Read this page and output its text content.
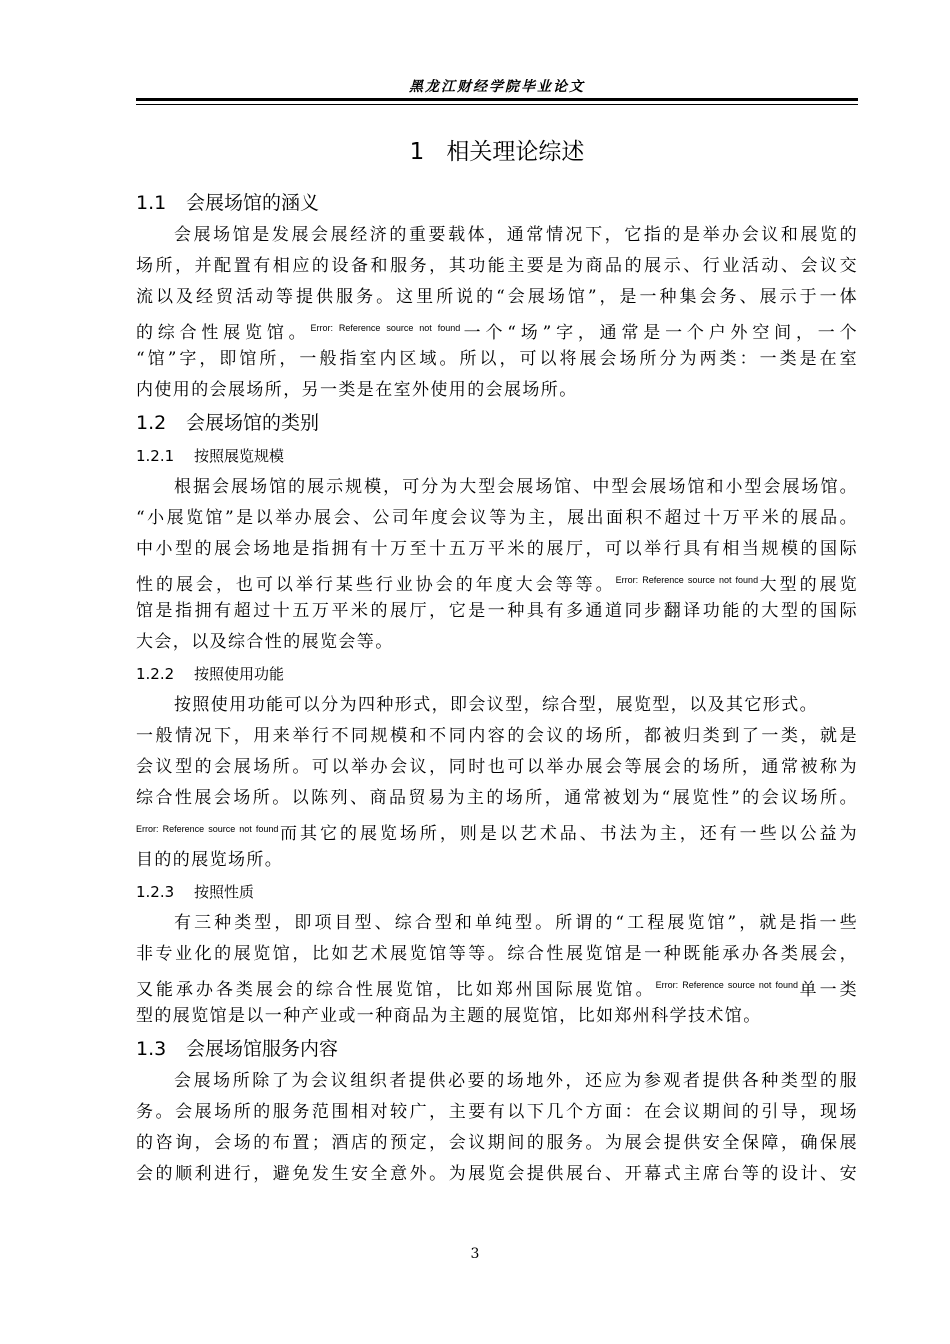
黑龙江财经学院毕业论文
1 相关理论综述
1.1 会展场馆的涵义
会展场馆是发展会展经济的重要载体，通常情况下，它指的是举办会议和展览的
场所，并配置有相应的设备和服务，其功能主要是为商品的展示、行业活动、会议交
流以及经贸活动等提供服务。这里所说的“会展场馆”，是一种集会务、展示于一体
的综合性展览馆。$^{Error: Reference source not found}$一个“场”字，通常是一个户外空间，一个
“馆”字，即馆所，一般指室内区域。所以，可以将展会场所分为两类：一类是在室
内使用的会展场所，另一类是在室外使用的会展场所。
1.2 会展场馆的类别
1.2.1 按照展览规模
根据会展场馆的展示规模，可分为大型会展场馆、中型会展场馆和小型会展场馆。
“小展览馆”是以举办展会、公司年度会议等为主，展出面积不超过十万平米的展品。
中小型的展会场地是指拥有十万至十五万平米的展厅，可以举行具有相当规模的国际
性的展会，也可以举行某些行业协会的年度大会等等。$^{Error: Reference source not found}$大型的展览
馆是指拥有超过十五万平米的展厅，它是一种具有多通道同步翻译功能的大型的国际
大会，以及综合性的展览会等。
1.2.2 按照使用功能
按照使用功能可以分为四种形式，即会议型，综合型，展览型，以及其它形式。
一般情况下，用来举行不同规模和不同内容的会议的场所，都被归类到了一类，就是
会议型的会展场所。可以举办会议，同时也可以举办展会等展会的场所，通常被称为
综合性展会场所。以陈列、商品贸易为主的场所，通常被划为“展览性”的会议场所。
$^{Error: Reference source not found}$而其它的展览场所，则是以艺术品、书法为主，还有一些以公益为
目的的展览场所。
1.2.3 按照性质
有三种类型，即项目型、综合型和单纯型。所谓的“工程展览馆”，就是指一些
非专业化的展览馆，比如艺术展览馆等等。综合性展览馆是一种既能承办各类展会，
又能承办各类展会的综合性展览馆，比如郑州国际展览馆。$^{Error: Reference source not found}$单一类
型的展览馆是以一种产业或一种商品为主题的展览馆，比如郑州科学技术馆。
1.3 会展场馆服务内容
会展场所除了为会议组织者提供必要的场地外，还应为参观者提供各种类型的服
务。会展场所的服务范围相对较广，主要有以下几个方面：在会议期间的引导，现场
的咨询，会场的布置；酒店的预定，会议期间的服务。为展会提供安全保障，确保展
会的顺利进行，避免发生安全意外。为展览会提供展台、开幕式主席台等的设计、安
3
